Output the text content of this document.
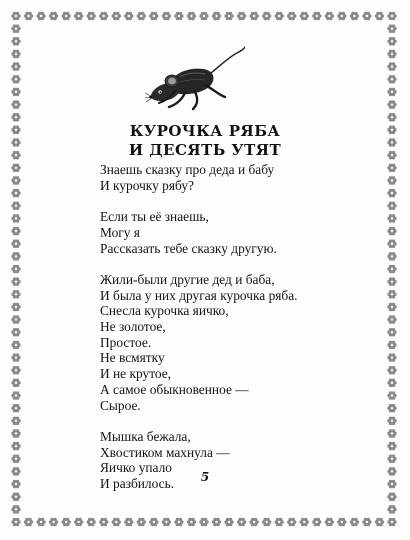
КУРОЧКА РЯБА
И ДЕСЯТЬ УТЯТ
Знаешь сказку про деда и бабу
И курочку рябу?
Если ты её знаешь,
Могу я
Рассказать тебе сказку другую.
Жили-были другие дед и баба,
И была у них другая курочка ряба.
Снесла курочка яичко,
Не золотое,
Простое.
Не всмятку
И не крутое,
А самое обыкновенное —
Сырое.
Мышка бежала,
Хвостиком махнула —
Яичко упало
И разбилось.	5
